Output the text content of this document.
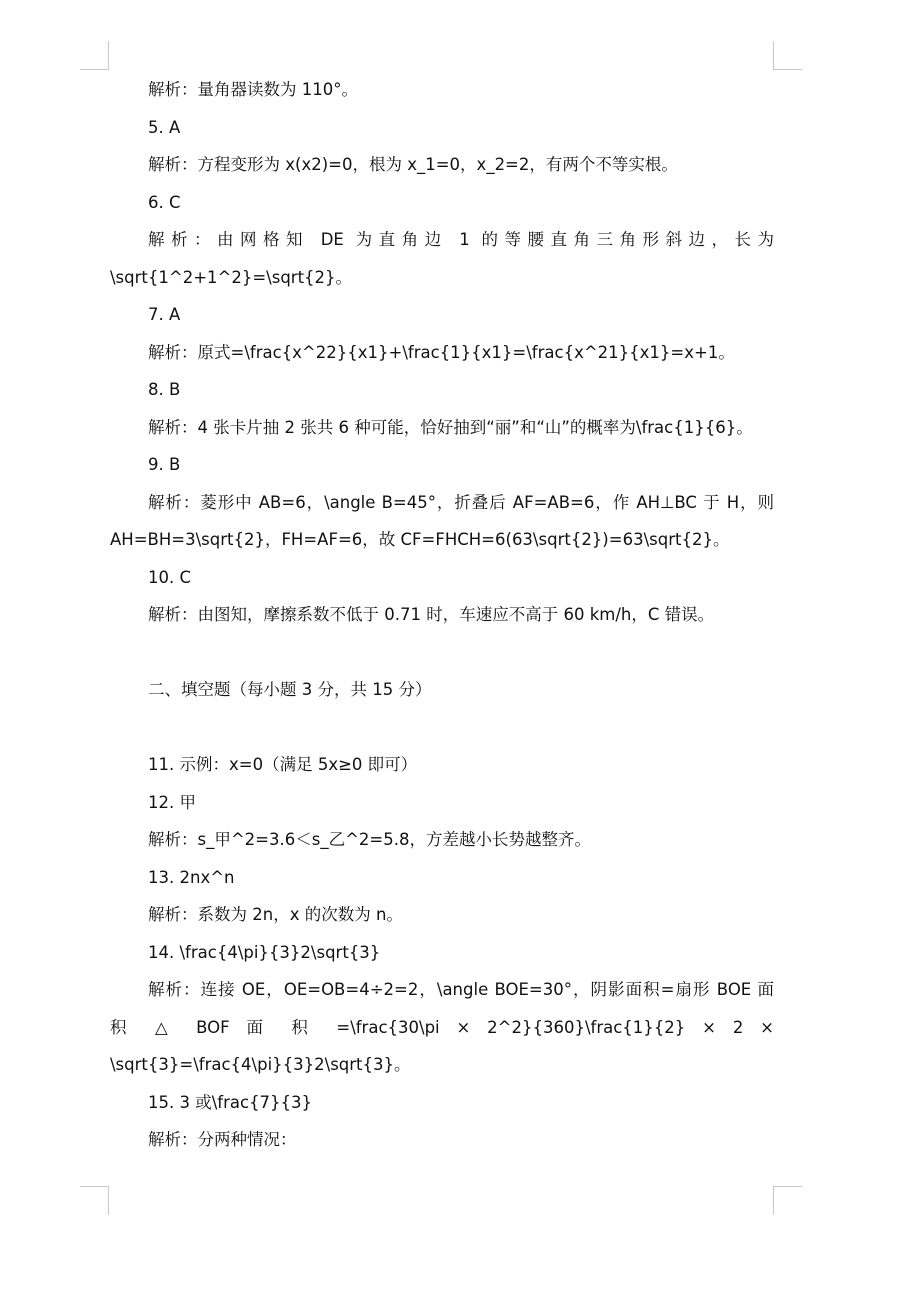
解析：量角器读数为 110°。
5. A
解析：方程变形为 x(x2)=0，根为 x_1=0，x_2=2，有两个不等实根。
6. C
解析：由网格知 DE 为直角边 1 的等腰直角三角形斜边，长为
\sqrt{1^2+1^2}=\sqrt{2}。
7. A
解析：原式=\frac{x^22}{x1}+\frac{1}{x1}=\frac{x^21}{x1}=x+1。
8. B
解析：4 张卡片抽 2 张共 6 种可能，恰好抽到“丽”和“山”的概率为\frac{1}{6}。
9. B
解析：菱形中 AB=6，\angle B=45°，折叠后 AF=AB=6，作 AH⊥BC 于 H，则
AH=BH=3\sqrt{2}，FH=AF=6，故 CF=FHCH=6(63\sqrt{2})=63\sqrt{2}。
10. C
解析：由图知，摩擦系数不低于 0.71 时，车速应不高于 60 km/h，C 错误。
二、填空题（每小题 3 分，共 15 分）
11. 示例：x=0（满足 5x≥0 即可）
12. 甲
解析：s_甲^2=3.6＜s_乙^2=5.8，方差越小长势越整齐。
13. 2nx^n
解析：系数为 2n，x 的次数为 n。
14. \frac{4\pi}{3}2\sqrt{3}
解析：连接 OE，OE=OB=4÷2=2，\angle BOE=30°，阴影面积=扇形 BOE 面
积 △ BOF 面 积 =\frac{30\pi × 2^2}{360}\frac{1}{2} × 2 ×
\sqrt{3}=\frac{4\pi}{3}2\sqrt{3}。
15. 3 或\frac{7}{3}
解析：分两种情况：
